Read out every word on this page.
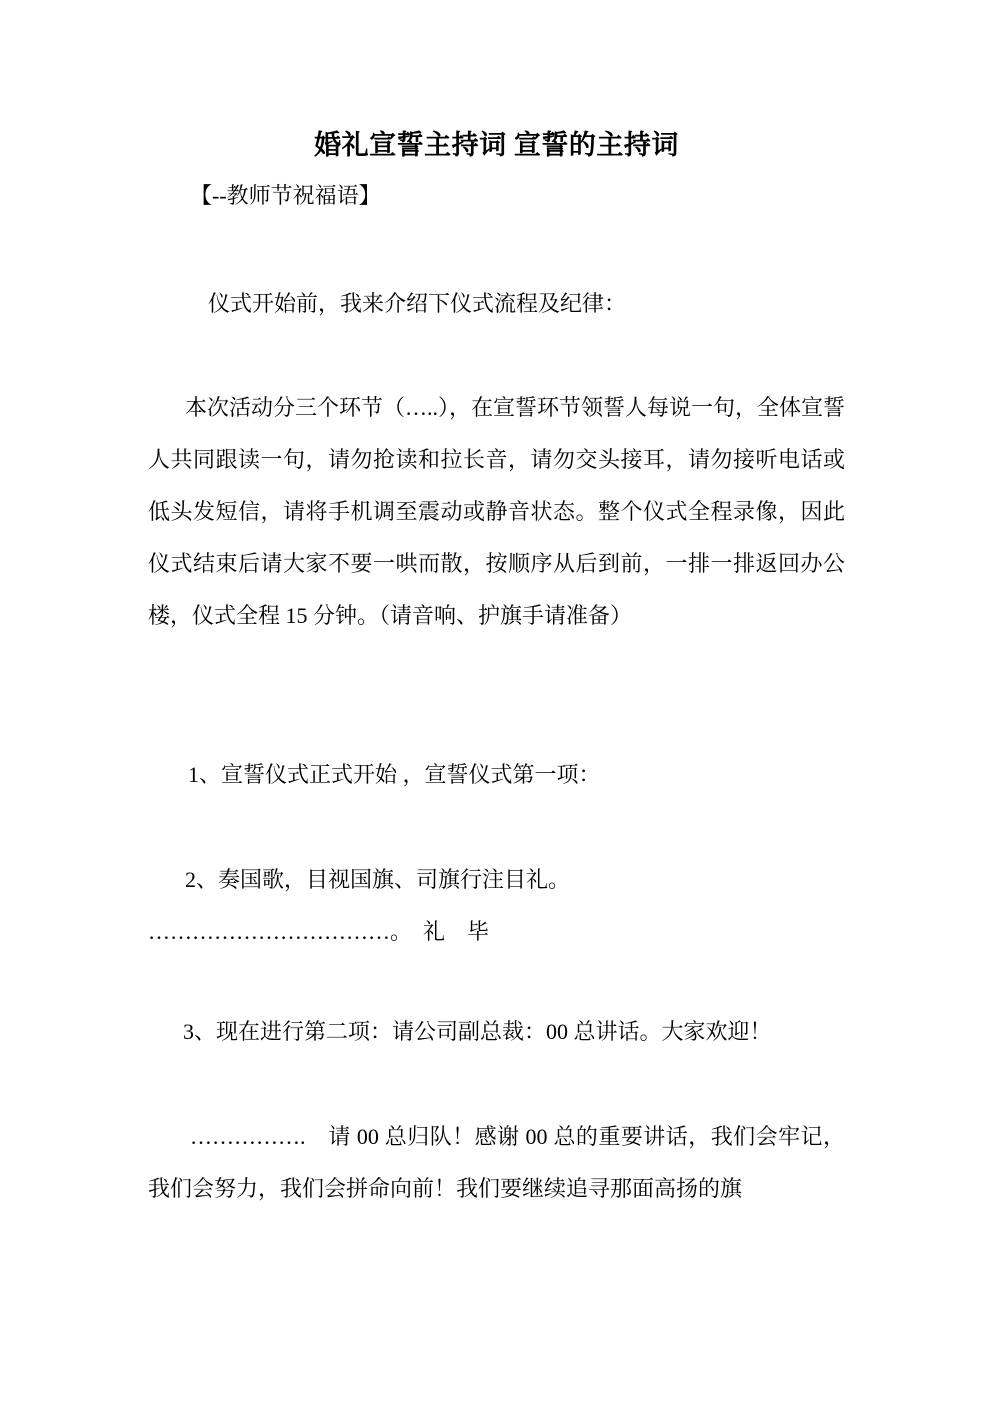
婚礼宣誓主持词 宣誓的主持词

【--教师节祝福语】

仪式开始前，我来介绍下仪式流程及纪律：

本次活动分三个环节（…..），在宣誓环节领誓人每说一句，全体宣誓人共同跟读一句，请勿抢读和拉长音，请勿交头接耳，请勿接听电话或低头发短信，请将手机调至震动或静音状态。整个仪式全程录像，因此仪式结束后请大家不要一哄而散，按顺序从后到前，一排一排返回办公楼，仪式全程 15 分钟。（请音响、护旗手请准备）

1、宣誓仪式正式开始 ，宣誓仪式第一项：

2、奏国歌，目视国旗、司旗行注目礼。

……………………………。　礼　毕

3、现在进行第二项：请公司副总裁：00 总讲话。大家欢迎！

…………….　请 00 总归队！感谢 00 总的重要讲话，我们会牢记，我们会努力，我们会拼命向前！我们要继续追寻那面高扬的旗
